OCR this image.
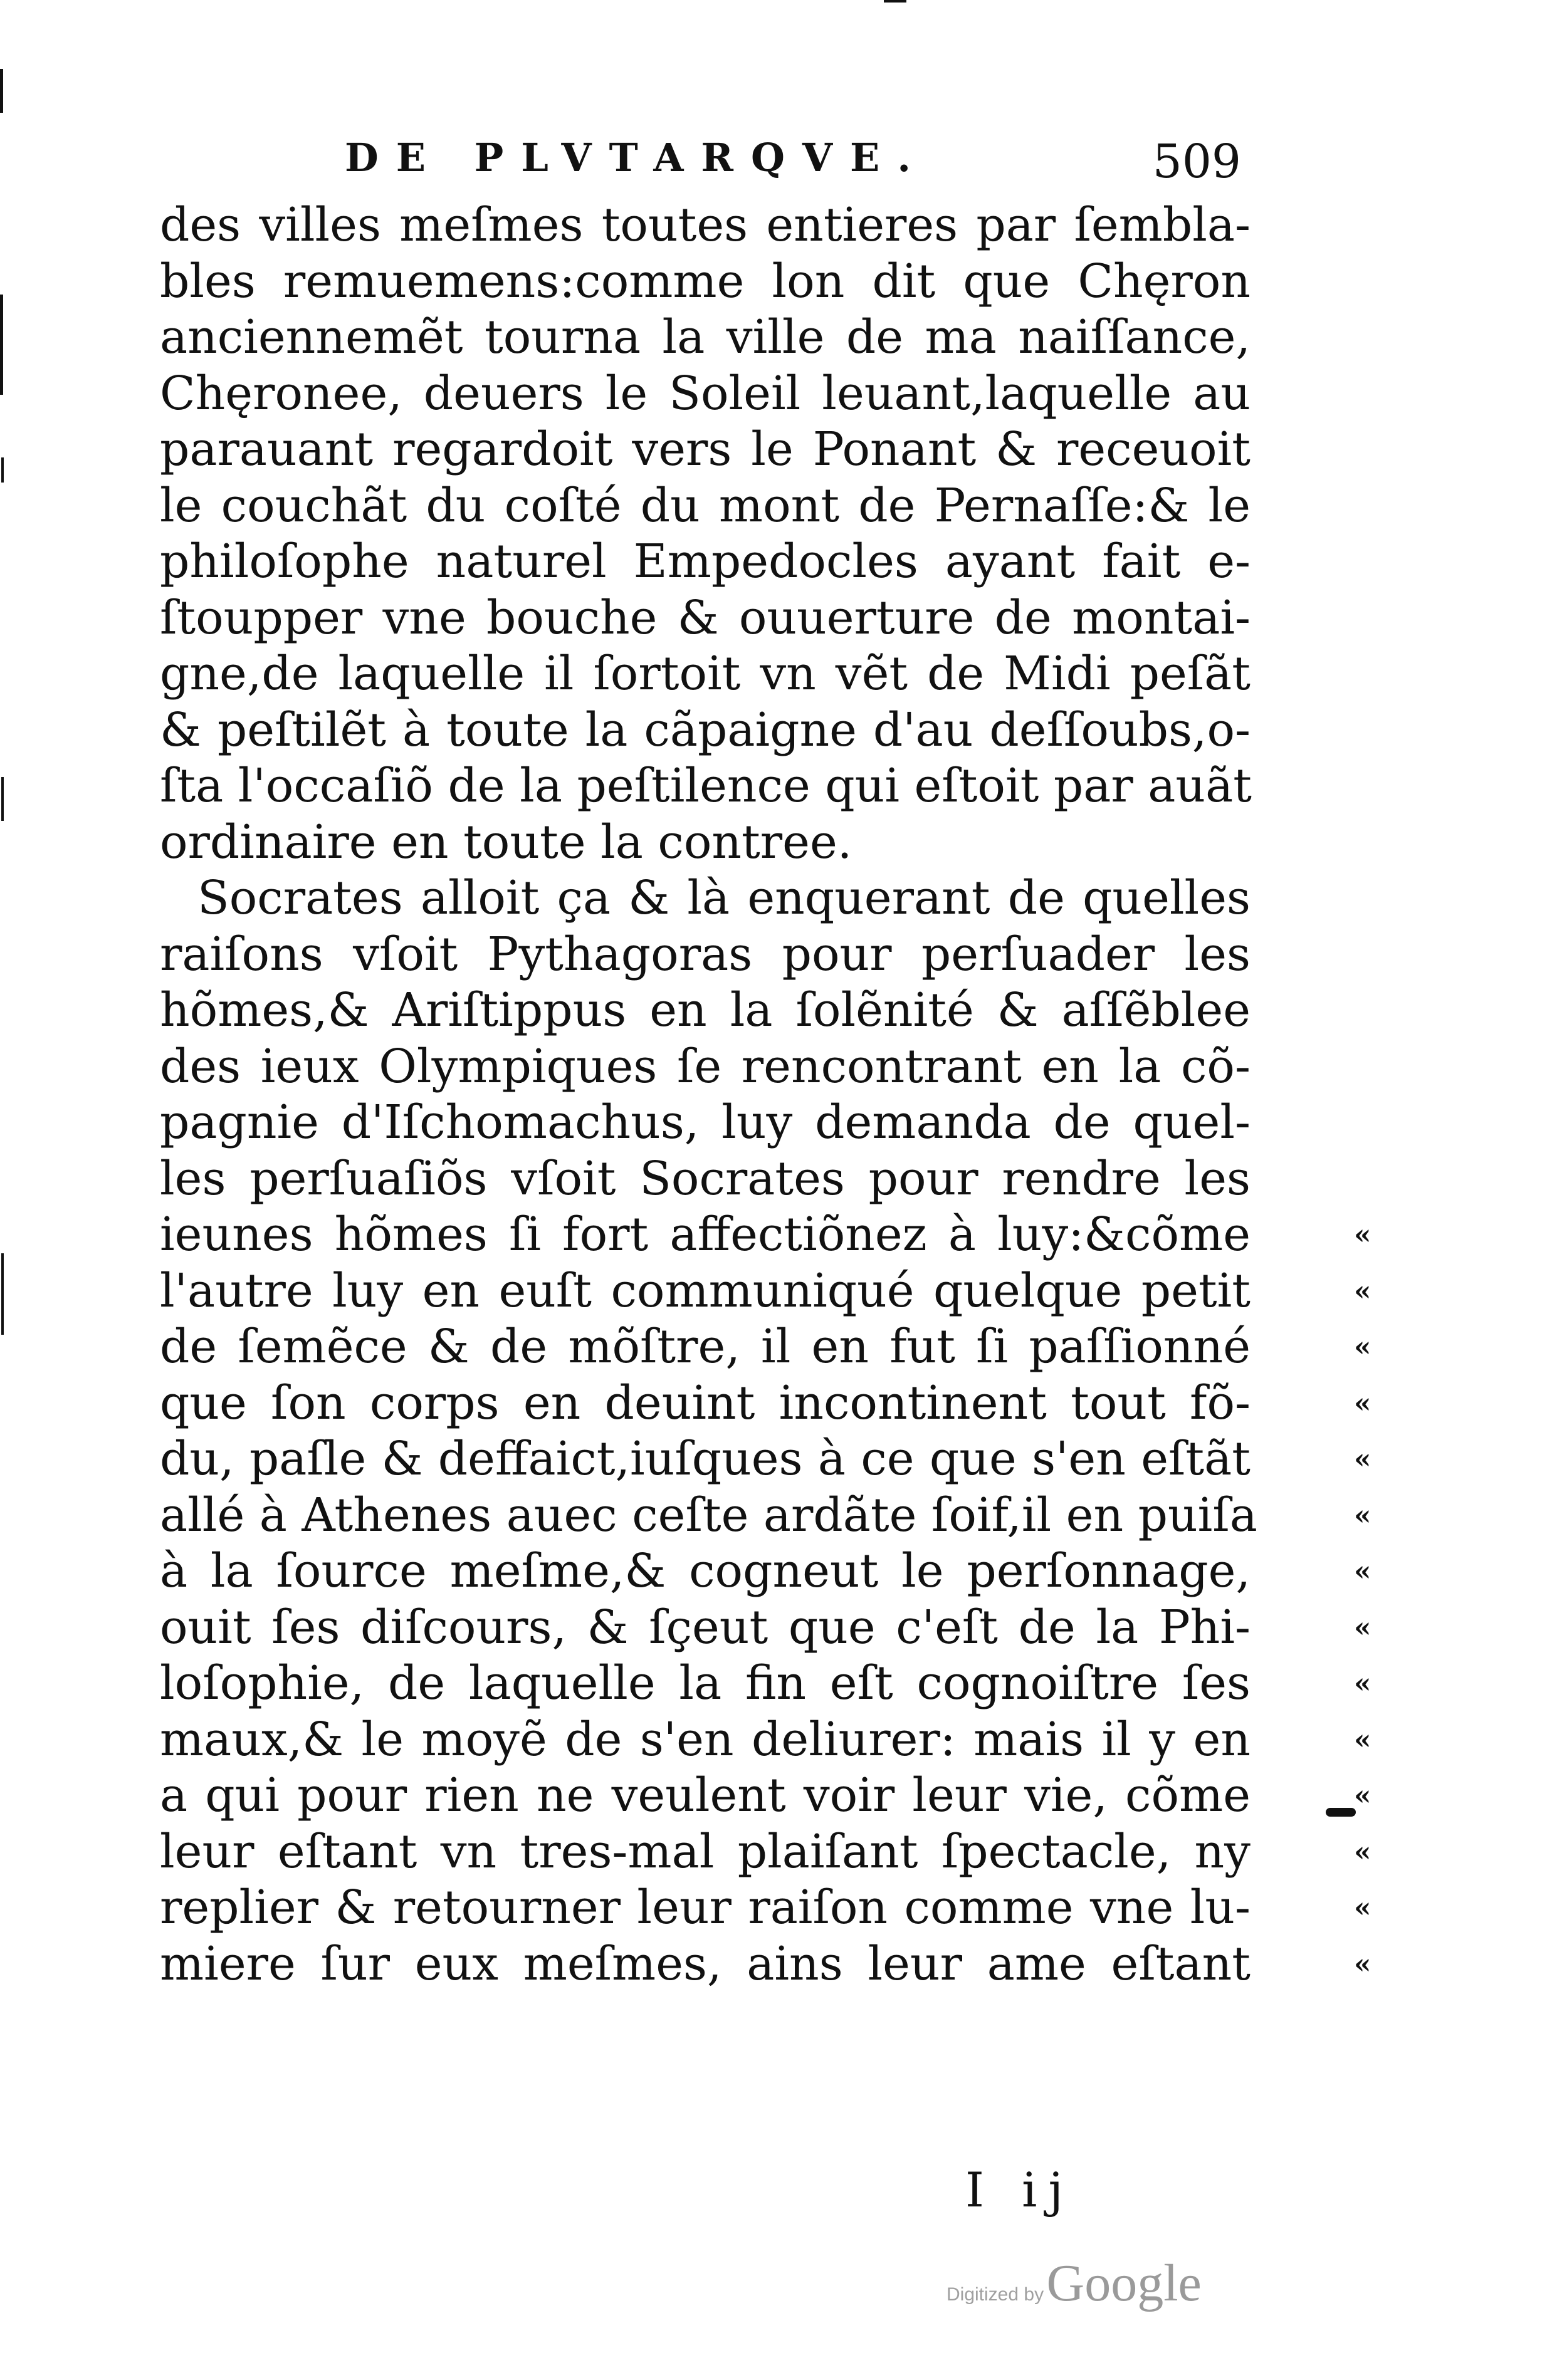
DE PLVTARQVE.	509
des villes meſmes toutes entieres par ſembla-
bles remuemens:comme lon dit que Chęron
anciennemẽt tourna la ville de ma naiſſance,
Chęronee, deuers le Soleil leuant,laquelle au
parauant regardoit vers le Ponant & receuoit
le couchãt du coſté du mont de Pernaſſe:& le
philoſophe naturel Empedocles ayant fait e-
ſtoupper vne bouche & ouuerture de montai-
gne,de laquelle il ſortoit vn vẽt de Midi peſãt
& peſtilẽt à toute la cãpaigne d'au deſſoubs,o-
ſta l'occaſiõ de la peſtilence qui eſtoit par auãt
ordinaire en toute la contree.
Socrates alloit ça & là enquerant de quelles
raiſons vſoit Pythagoras pour perſuader les
hõmes,& Ariſtippus en la ſolẽnité & aſſẽblee
des ieux Olympiques ſe rencontrant en la cõ-
pagnie d'Iſchomachus, luy demanda de quel-
les perſuaſiõs vſoit Socrates pour rendre les
ieunes hõmes ſi fort affectiõnez à luy:&cõme
l'autre luy en euſt communiqué quelque petit
de ſemẽce & de mõſtre, il en fut ſi paſſionné
que ſon corps en deuint incontinent tout fõ-
du, paſle & deffaict,iuſques à ce que s'en eſtãt
allé à Athenes auec ceſte ardãte ſoif,il en puiſa
à la ſource meſme,& cogneut le perſonnage,
ouit ſes diſcours, & ſçeut que c'eſt de la Phi-
loſophie, de laquelle la fin eſt cognoiſtre ſes
maux,& le moyẽ de s'en deliurer: mais il y en
a qui pour rien ne veulent voir leur vie, cõme
leur eſtant vn tres-mal plaiſant ſpectacle, ny
replier & retourner leur raiſon comme vne lu-
miere ſur eux meſmes, ains leur ame eſtant
«
«
«
«
«
«
«
«
«
«
«
«
«
«
I ij
Digitized by Google
